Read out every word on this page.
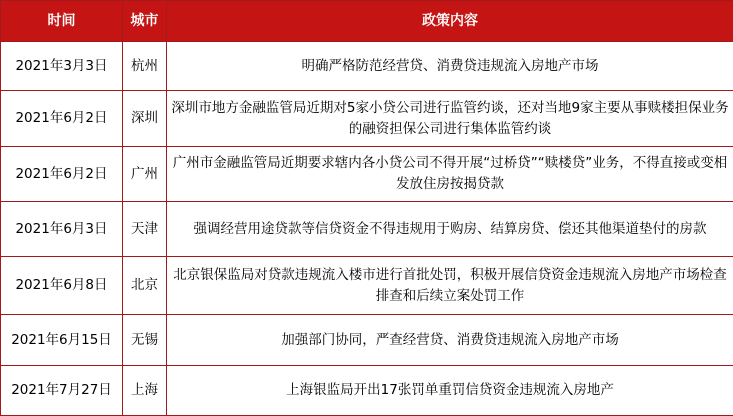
时间	城市	政策内容
2021年3月3日	杭州	明确严格防范经营贷、消费贷违规流入房地产市场
2021年6月2日	深圳	深圳市地方金融监管局近期对5家小贷公司进行监管约谈，还对当地9家主要从事赎楼担保业务的融资担保公司进行集体监管约谈
2021年6月2日	广州	广州市金融监管局近期要求辖内各小贷公司不得开展“过桥贷”“赎楼贷”业务，不得直接或变相发放住房按揭贷款
2021年6月3日	天津	强调经营用途贷款等信贷资金不得违规用于购房、结算房贷、偿还其他渠道垫付的房款
2021年6月8日	北京	北京银保监局对贷款违规流入楼市进行首批处罚，积极开展信贷资金违规流入房地产市场检查排查和后续立案处罚工作
2021年6月15日	无锡	加强部门协同，严查经营贷、消费贷违规流入房地产市场
2021年7月27日	上海	上海银监局开出17张罚单重罚信贷资金违规流入房地产
